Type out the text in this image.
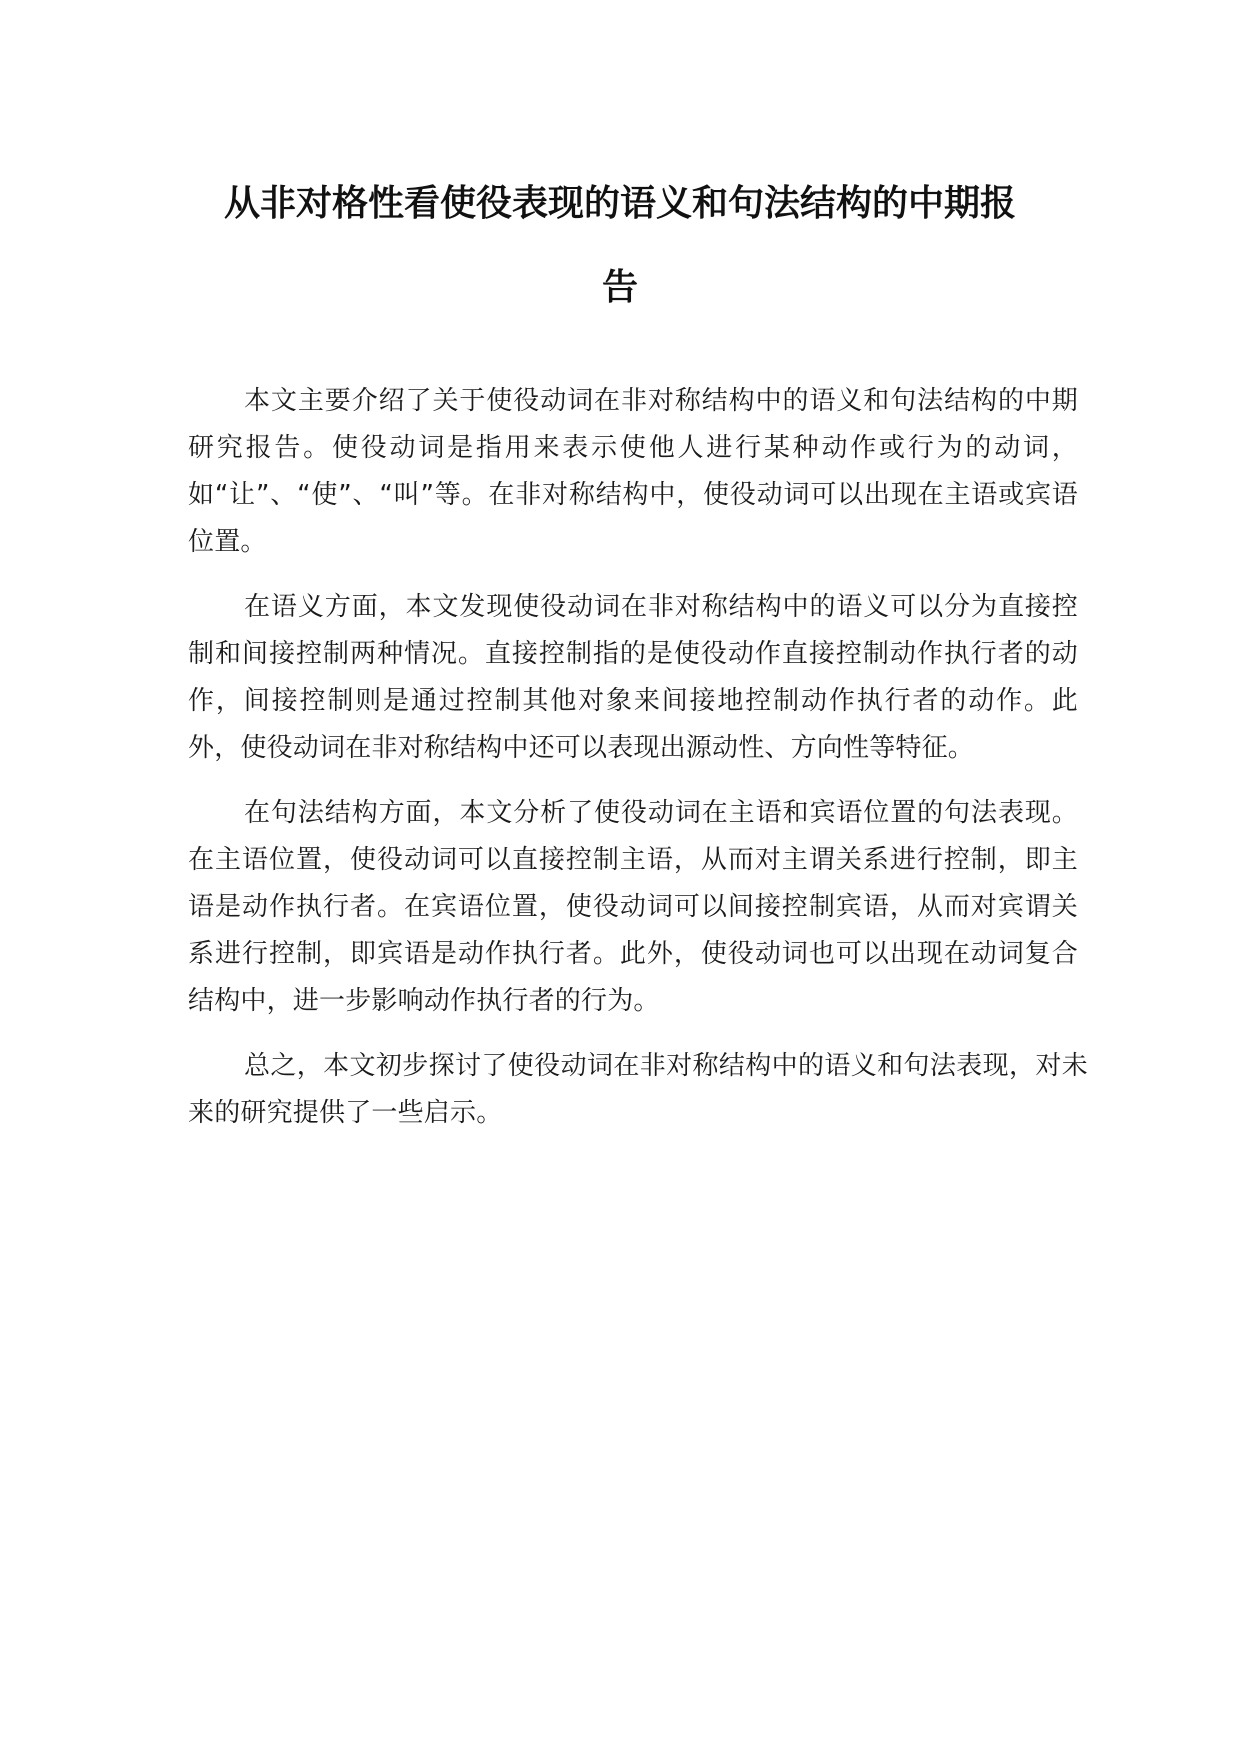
从非对格性看使役表现的语义和句法结构的中期报
告

本文主要介绍了关于使役动词在非对称结构中的语义和句法结构的中期研究报告。使役动词是指用来表示使他人进行某种动作或行为的动词，如“让”、“使”、“叫”等。在非对称结构中，使役动词可以出现在主语或宾语位置。

在语义方面，本文发现使役动词在非对称结构中的语义可以分为直接控制和间接控制两种情况。直接控制指的是使役动作直接控制动作执行者的动作，间接控制则是通过控制其他对象来间接地控制动作执行者的动作。此外，使役动词在非对称结构中还可以表现出源动性、方向性等特征。

在句法结构方面，本文分析了使役动词在主语和宾语位置的句法表现。在主语位置，使役动词可以直接控制主语，从而对主谓关系进行控制，即主语是动作执行者。在宾语位置，使役动词可以间接控制宾语，从而对宾谓关系进行控制，即宾语是动作执行者。此外，使役动词也可以出现在动词复合结构中，进一步影响动作执行者的行为。

总之，本文初步探讨了使役动词在非对称结构中的语义和句法表现，对未来的研究提供了一些启示。
